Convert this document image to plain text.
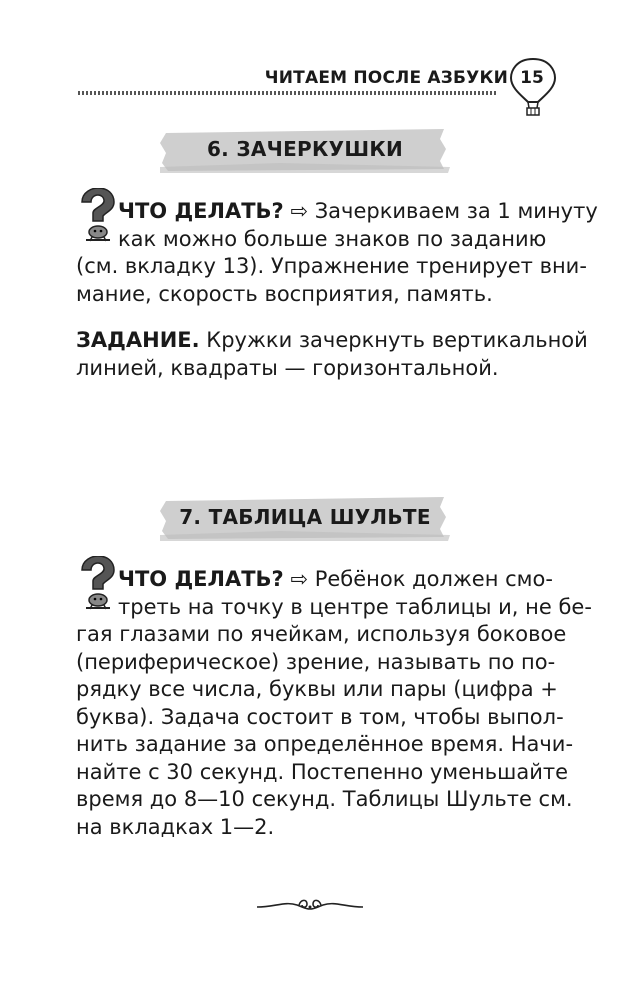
ЧИТАЕМ ПОСЛЕ АЗБУКИ 15
6. ЗАЧЕРКУШКИ
ЧТО ДЕЛАТЬ? ⇨ Зачеркиваем за 1 минуту
как можно больше знаков по заданию
(см. вкладку 13). Упражнение тренирует вни-
мание, скорость восприятия, память.
ЗАДАНИЕ. Кружки зачеркнуть вертикальной
линией, квадраты — горизонтальной.
7. ТАБЛИЦА ШУЛЬТЕ
ЧТО ДЕЛАТЬ? ⇨ Ребёнок должен смо-
треть на точку в центре таблицы и, не бе-
гая глазами по ячейкам, используя боковое
(периферическое) зрение, называть по по-
рядку все числа, буквы или пары (цифра +
буква). Задача состоит в том, чтобы выпол-
нить задание за определённое время. Начи-
найте с 30 секунд. Постепенно уменьшайте
время до 8—10 секунд. Таблицы Шульте см.
на вкладках 1—2.
